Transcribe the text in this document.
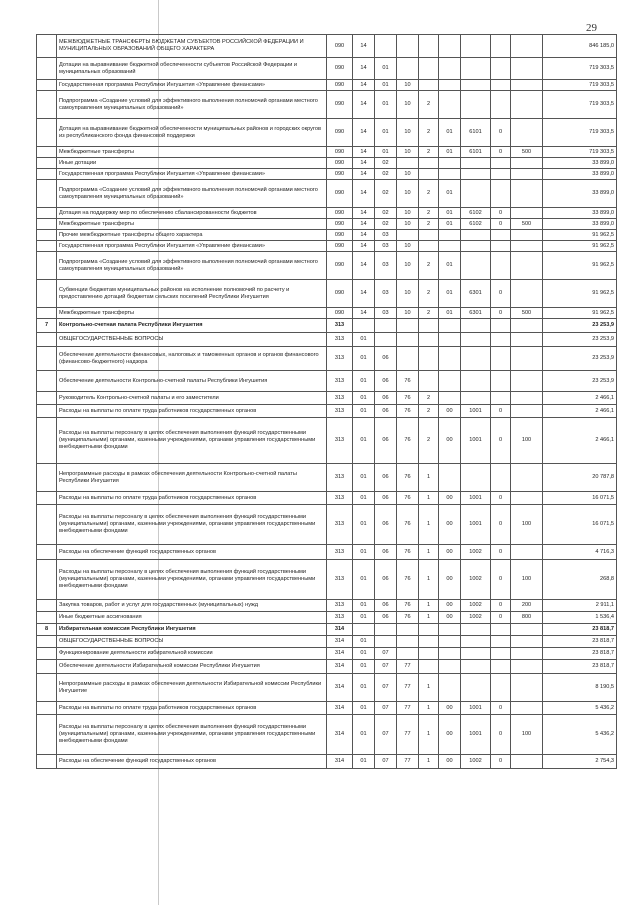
29
	МЕЖБЮДЖЕТНЫЕ ТРАНСФЕРТЫ БЮДЖЕТАМ СУБЪЕКТОВ РОССИЙСКОЙ ФЕДЕРАЦИИ И МУНИЦИПАЛЬНЫХ ОБРАЗОВАНИЙ ОБЩЕГО ХАРАКТЕРА	090	14								846 185,0
	Дотации на выравнивание бюджетной обеспеченности субъектов Российской Федерации и муниципальных образований	090	14	01							719 303,5
	Государственная программа Республики Ингушетия «Управление финансами»	090	14	01	10						719 303,5
	Подпрограмма «Создание условий для эффективного выполнения полномочий органами местного самоуправления муниципальных образований»	090	14	01	10	2					719 303,5
	Дотация на выравнивание бюджетной обеспеченности муниципальных районов и городских округов из республиканского фонда финансовой поддержки	090	14	01	10	2	01	6101	0		719 303,5
	Межбюджетные трансферты	090	14	01	10	2	01	6101	0	500	719 303,5
	Иные дотации	090	14	02							33 899,0
	Государственная программа Республики Ингушетия «Управление финансами»	090	14	02	10						33 899,0
	Подпрограмма «Создание условий для эффективного выполнения полномочий органами местного самоуправления муниципальных образований»	090	14	02	10	2	01				33 899,0
	Дотация на поддержку мер по обеспечению сбалансированности бюджетов	090	14	02	10	2	01	6102	0		33 899,0
	Межбюджетные трансферты	090	14	02	10	2	01	6102	0	500	33 899,0
	Прочие межбюджетные трансферты общего характера	090	14	03							91 962,5
	Государственная программа Республики Ингушетия «Управление финансами»	090	14	03	10						91 962,5
	Подпрограмма «Создание условий для эффективного выполнения полномочий органами местного самоуправления муниципальных образований»	090	14	03	10	2	01				91 962,5
	Субвенции бюджетам муниципальных районов на исполнение полномочий по расчету и предоставлению дотаций бюджетам сельских поселений Республики Ингушетия	090	14	03	10	2	01	6301	0		91 962,5
	Межбюджетные трансферты	090	14	03	10	2	01	6301	0	500	91 962,5
7	Контрольно-счетная палата Республики Ингушетия	313									23 253,9
	ОБЩЕГОСУДАРСТВЕННЫЕ ВОПРОСЫ	313	01								23 253,9
	Обеспечение деятельности финансовых, налоговых и таможенных органов и органов финансового (финансово-бюджетного) надзора	313	01	06							23 253,9
	Обеспечение деятельности Контрольно-счетной палаты Республики Ингушетия	313	01	06	76						23 253,9
	Руководитель Контрольно-счетной палаты и его заместители	313	01	06	76	2					2 466,1
	Расходы на выплаты по оплате труда работников государственных органов	313	01	06	76	2	00	1001	0		2 466,1
	Расходы на выплаты персоналу в целях обеспечения выполнения функций государственными (муниципальными) органами, казенными учреждениями, органами управления государственными внебюджетными фондами	313	01	06	76	2	00	1001	0	100	2 466,1
	Непрограммные расходы в рамках обеспечения деятельности Контрольно-счетной палаты Республики Ингушетия	313	01	06	76	1					20 787,8
	Расходы на выплаты по оплате труда работников государственных органов	313	01	06	76	1	00	1001	0		16 071,5
	Расходы на выплаты персоналу в целях обеспечения выполнения функций государственными (муниципальными) органами, казенными учреждениями, органами управления государственными внебюджетными фондами	313	01	06	76	1	00	1001	0	100	16 071,5
	Расходы на обеспечение функций государственных органов	313	01	06	76	1	00	1002	0		4 716,3
	Расходы на выплаты персоналу в целях обеспечения выполнения функций государственными (муниципальными) органами, казенными учреждениями, органами управления государственными внебюджетными фондами	313	01	06	76	1	00	1002	0	100	268,8
	Закупка товаров, работ и услуг для государственных (муниципальных) нужд	313	01	06	76	1	00	1002	0	200	2 911,1
	Иные бюджетные ассигнования	313	01	06	76	1	00	1002	0	800	1 536,4
8	Избирательная комиссия Республики Ингушетия	314									23 818,7
	ОБЩЕГОСУДАРСТВЕННЫЕ ВОПРОСЫ	314	01								23 818,7
	Функционирование деятельности избирательной комиссии	314	01	07							23 818,7
	Обеспечение деятельности Избирательной комиссии Республики Ингушетия	314	01	07	77						23 818,7
	Непрограммные расходы в рамках обеспечения деятельности Избирательной комиссии Республики Ингушетие	314	01	07	77	1					8 190,5
	Расходы на выплаты по оплате труда работников государственных органов	314	01	07	77	1	00	1001	0		5 436,2
	Расходы на выплаты персоналу в целях обеспечения выполнения функций государственными (муниципальными) органами, казенными учреждениями, органами управления государственными внебюджетными фондами	314	01	07	77	1	00	1001	0	100	5 436,2
	Расходы на обеспечение функций государственных органов	314	01	07	77	1	00	1002	0		2 754,3
